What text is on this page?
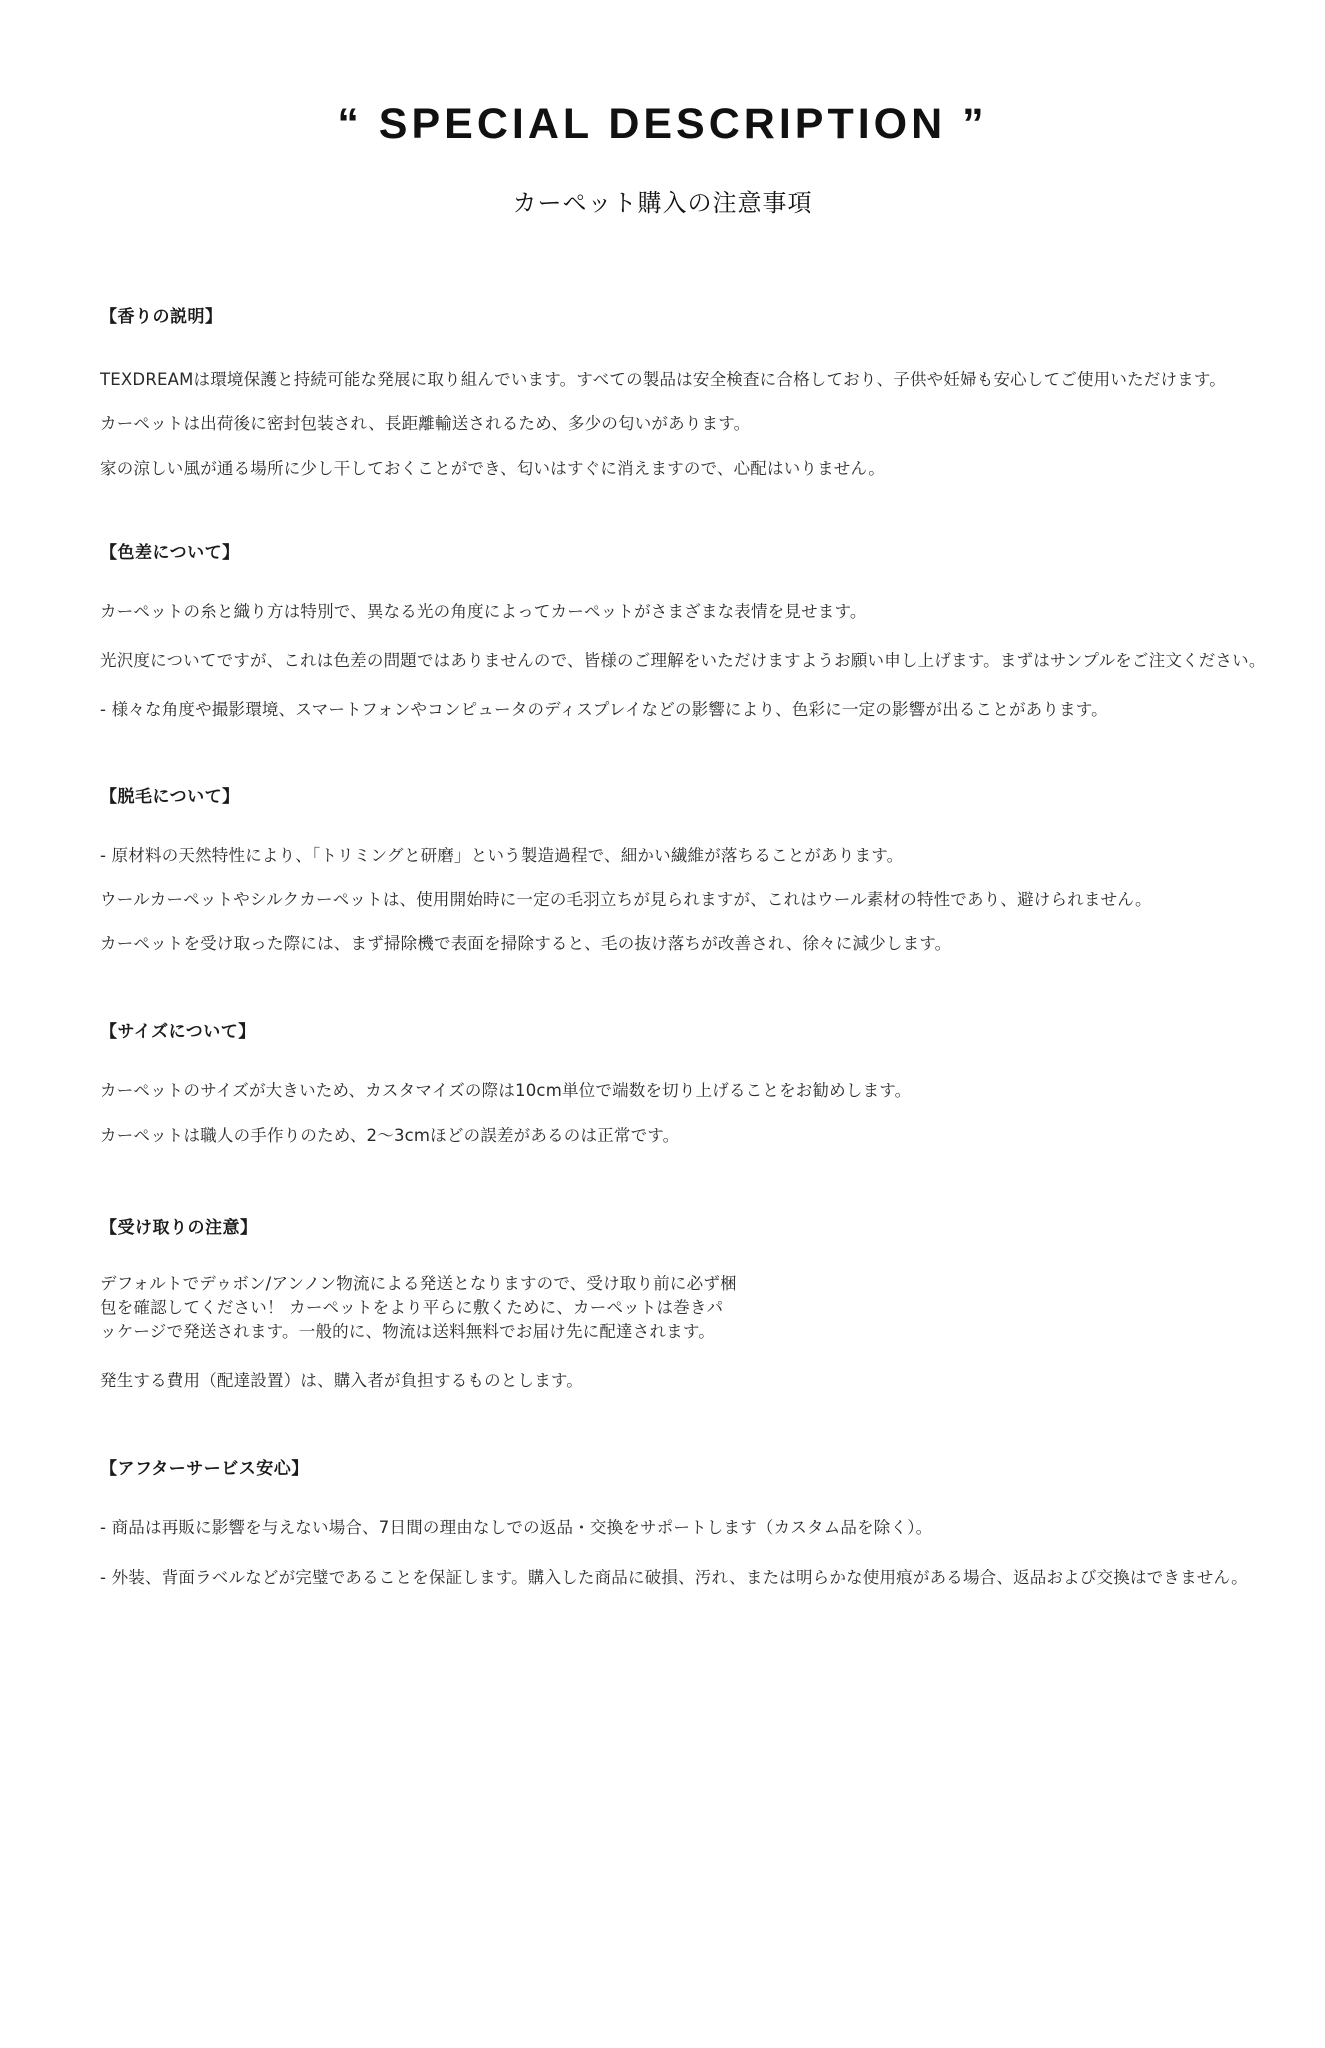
“ SPECIAL DESCRIPTION ”
カーペット購入の注意事項
【香りの説明】

TEXDREAMは環境保護と持続可能な発展に取り組んでいます。すべての製品は安全検査に合格しており、子供や妊婦も安心してご使用いただけます。

カーペットは出荷後に密封包装され、長距離輸送されるため、多少の匂いがあります。

家の涼しい風が通る場所に少し干しておくことができ、匂いはすぐに消えますので、心配はいりません。

【色差について】

カーペットの糸と織り方は特別で、異なる光の角度によってカーペットがさまざまな表情を見せます。

光沢度についてですが、これは色差の問題ではありませんので、皆様のご理解をいただけますようお願い申し上げます。まずはサンプルをご注文ください。

- 様々な角度や撮影環境、スマートフォンやコンピュータのディスプレイなどの影響により、色彩に一定の影響が出ることがあります。

【脱毛について】

- 原材料の天然特性により、「トリミングと研磨」という製造過程で、細かい繊維が落ちることがあります。

ウールカーペットやシルクカーペットは、使用開始時に一定の毛羽立ちが見られますが、これはウール素材の特性であり、避けられません。

カーペットを受け取った際には、まず掃除機で表面を掃除すると、毛の抜け落ちが改善され、徐々に減少します。

【サイズについて】

カーペットのサイズが大きいため、カスタマイズの際は10cm単位で端数を切り上げることをお勧めします。

カーペットは職人の手作りのため、2〜3cmほどの誤差があるのは正常です。

【受け取りの注意】

デフォルトでデゥボン/アンノン物流による発送となりますので、受け取り前に必ず梱包を確認してください！ カーペットをより平らに敷くために、カーペットは巻きパッケージで発送されます。一般的に、物流は送料無料でお届け先に配達されます。

発生する費用（配達設置）は、購入者が負担するものとします。

【アフターサービス安心】

- 商品は再販に影響を与えない場合、7日間の理由なしでの返品・交換をサポートします（カスタム品を除く）。

- 外装、背面ラベルなどが完璧であることを保証します。購入した商品に破損、汚れ、または明らかな使用痕がある場合、返品および交換はできません。
